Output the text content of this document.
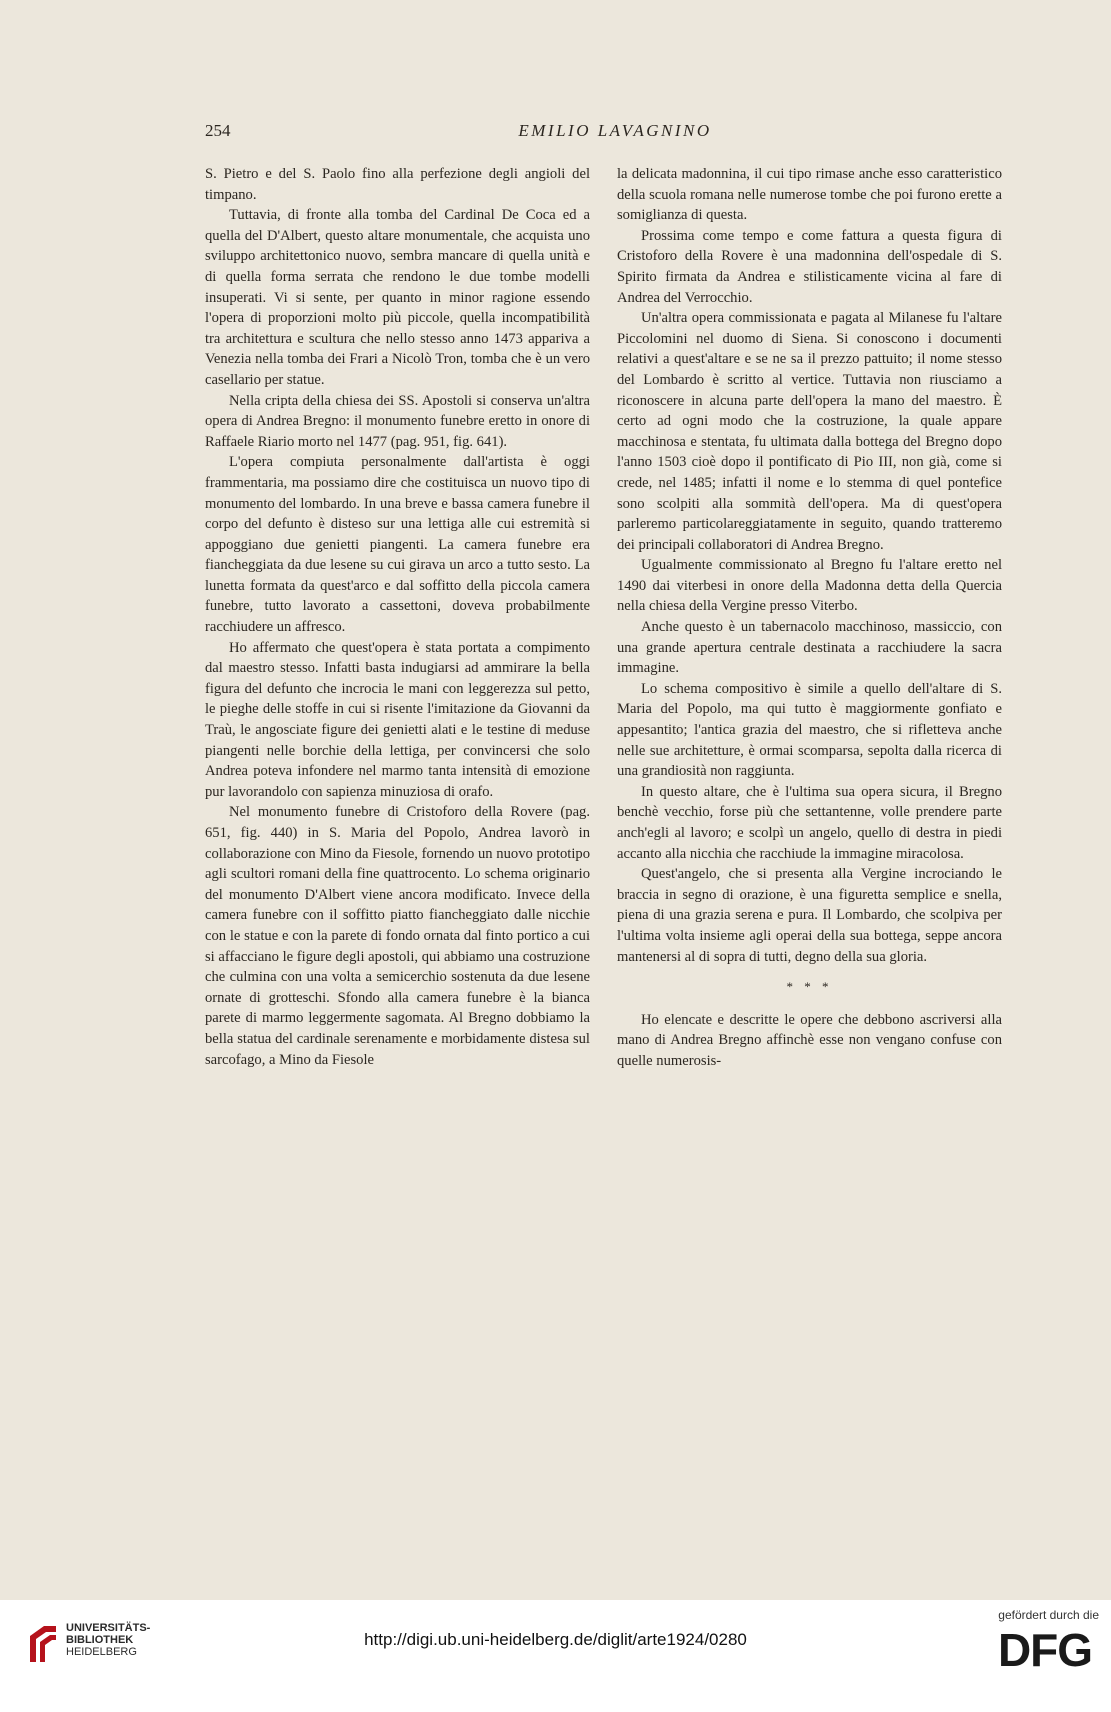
254	EMILIO LAVAGNINO

S. Pietro e del S. Paolo fino alla perfezione degli angioli del timpano.

Tuttavia, di fronte alla tomba del Cardinal De Coca ed a quella del D'Albert, questo altare monumentale, che acquista uno sviluppo architettonico nuovo, sembra mancare di quella unità e di quella forma serrata che rendono le due tombe modelli insuperati. Vi si sente, per quanto in minor ragione essendo l'opera di proporzioni molto più piccole, quella incompatibilità tra architettura e scultura che nello stesso anno 1473 appariva a Venezia nella tomba dei Frari a Nicolò Tron, tomba che è un vero casellario per statue.

Nella cripta della chiesa dei SS. Apostoli si conserva un'altra opera di Andrea Bregno: il monumento funebre eretto in onore di Raffaele Riario morto nel 1477 (pag. 951, fig. 641).

L'opera compiuta personalmente dall'artista è oggi frammentaria, ma possiamo dire che costituisca un nuovo tipo di monumento del lombardo. In una breve e bassa camera funebre il corpo del defunto è disteso sur una lettiga alle cui estremità si appoggiano due genietti piangenti. La camera funebre era fiancheggiata da due lesene su cui girava un arco a tutto sesto. La lunetta formata da quest'arco e dal soffitto della piccola camera funebre, tutto lavorato a cassettoni, doveva probabilmente racchiudere un affresco.

Ho affermato che quest'opera è stata portata a compimento dal maestro stesso. Infatti basta indugiarsi ad ammirare la bella figura del defunto che incrocia le mani con leggerezza sul petto, le pieghe delle stoffe in cui si risente l'imitazione da Giovanni da Traù, le angosciate figure dei genietti alati e le testine di meduse piangenti nelle borchie della lettiga, per convincersi che solo Andrea poteva infondere nel marmo tanta intensità di emozione pur lavorandolo con sapienza minuziosa di orafo.

Nel monumento funebre di Cristoforo della Rovere (pag. 651, fig. 440) in S. Maria del Popolo, Andrea lavorò in collaborazione con Mino da Fiesole, fornendo un nuovo prototipo agli scultori romani della fine quattrocento. Lo schema originario del monumento D'Albert viene ancora modificato. Invece della camera funebre con il soffitto piatto fiancheggiato dalle nicchie con le statue e con la parete di fondo ornata dal finto portico a cui si affacciano le figure degli apostoli, qui abbiamo una costruzione che culmina con una volta a semicerchio sostenuta da due lesene ornate di grotteschi. Sfondo alla camera funebre è la bianca parete di marmo leggermente sagomata. Al Bregno dobbiamo la bella statua del cardinale serenamente e morbidamente distesa sul sarcofago, a Mino da Fiesole

la delicata madonnina, il cui tipo rimase anche esso caratteristico della scuola romana nelle numerose tombe che poi furono erette a somiglianza di questa.

Prossima come tempo e come fattura a questa figura di Cristoforo della Rovere è una madonnina dell'ospedale di S. Spirito firmata da Andrea e stilisticamente vicina al fare di Andrea del Verrocchio.

Un'altra opera commissionata e pagata al Milanese fu l'altare Piccolomini nel duomo di Siena. Si conoscono i documenti relativi a quest'altare e se ne sa il prezzo pattuito; il nome stesso del Lombardo è scritto al vertice. Tuttavia non riusciamo a riconoscere in alcuna parte dell'opera la mano del maestro. È certo ad ogni modo che la costruzione, la quale appare macchinosa e stentata, fu ultimata dalla bottega del Bregno dopo l'anno 1503 cioè dopo il pontificato di Pio III, non già, come si crede, nel 1485; infatti il nome e lo stemma di quel pontefice sono scolpiti alla sommità dell'opera. Ma di quest'opera parleremo particolareggiatamente in seguito, quando tratteremo dei principali collaboratori di Andrea Bregno.

Ugualmente commissionato al Bregno fu l'altare eretto nel 1490 dai viterbesi in onore della Madonna detta della Quercia nella chiesa della Vergine presso Viterbo.

Anche questo è un tabernacolo macchinoso, massiccio, con una grande apertura centrale destinata a racchiudere la sacra immagine.

Lo schema compositivo è simile a quello dell'altare di S. Maria del Popolo, ma qui tutto è maggiormente gonfiato e appesantito; l'antica grazia del maestro, che si rifletteva anche nelle sue architetture, è ormai scomparsa, sepolta dalla ricerca di una grandiosità non raggiunta.

In questo altare, che è l'ultima sua opera sicura, il Bregno benchè vecchio, forse più che settantenne, volle prendere parte anch'egli al lavoro; e scolpì un angelo, quello di destra in piedi accanto alla nicchia che racchiude la immagine miracolosa.

Quest'angelo, che si presenta alla Vergine incrociando le braccia in segno di orazione, è una figuretta semplice e snella, piena di una grazia serena e pura. Il Lombardo, che scolpiva per l'ultima volta insieme agli operai della sua bottega, seppe ancora mantenersi al di sopra di tutti, degno della sua gloria.

* * *

Ho elencate e descritte le opere che debbono ascriversi alla mano di Andrea Bregno affinchè esse non vengano confuse con quelle numerosis-

UNIVERSITÄTS-
BIBLIOTHEK
HEIDELBERG
http://digi.ub.uni-heidelberg.de/diglit/arte1924/0280
gefördert durch die
DFG
